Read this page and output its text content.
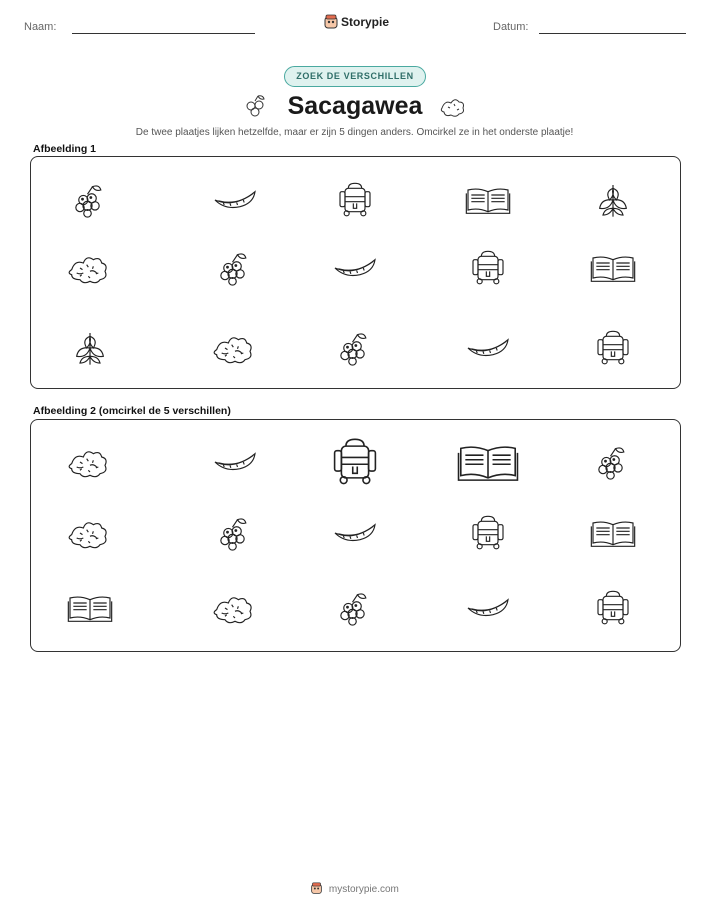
Naam:	Storypie	Datum:
ZOEK DE VERSCHILLEN
Sacagawea
De twee plaatjes lijken hetzelfde, maar er zijn 5 dingen anders. Omcirkel ze in het onderste plaatje!
Afbeelding 1
Afbeelding 2 (omcirkel de 5 verschillen)
mystorypie.com
